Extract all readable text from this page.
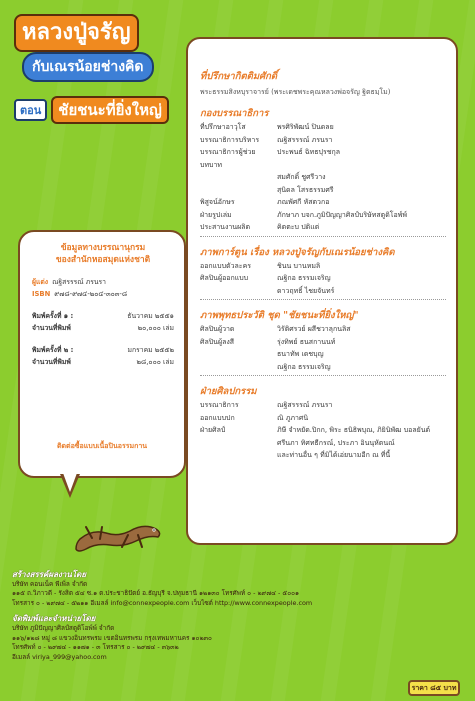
หลวงปู่จรัญ
กับเณรน้อยช่างคิด
ตอน	ชัยชนะที่ยิ่งใหญ่
ที่ปรึกษากิตติมศักดิ์
พระธรรมสิงหบุราจารย์ (พระเดชพระคุณหลวงพ่อจรัญ ฐิตธมฺโม)
กองบรรณาธิการ
ที่ปรึกษาอาวุโส	พรศิริพัฒน์ ปินดลย
บรรณาธิการบริหาร	ณฐิสรรรณ์ ภรนรา
บรรณาธิการผู้ช่วยบทบาท
ประพนธ์ ฉิทธปุรชกุล
สมศักดิ์ ชูศรีวาง
สุนิดล โสรธรรมศรี
พิสูจน์อักษร	ภณพัศกี หัสตวกอ
ฝ่ายรูปเล่ม	ภักษาภ บจก.ภูมิปัญญาศิลป์บริษัทสตูดิโอพ์พ์
ประสานงานผลิต	คิตตะบ ปติแต่
ภาพการ์ตูน เรื่อง หลวงปู่จรัญกับเณรน้อยช่างคิด
ออกแบบตัวละคร	ชินน บานหมลิ
ศิลปินผู้ออกแบบ	ณฐิกอ ธรรมเจริญ
ดาวฤทธิ์ ไชยจันทร์
ภาพพุทธประวัติ ชุด "ชัยชนะที่ยิ่งใหญ่"
ศิลปินผู้วาด	วิรัติศรวย์ ผสีชวาลุกนลิส
ศิลปินผู้ลงสี	รุ่งทิพย์ ธนสกานนท์
ธนาทัพ เดชบุญ
ณฐิกอ ธรรมเจริญ
ฝ่ายศิลปกรรม
บรรณาธิการ	ณฐิสรรรณ์ ภรนรา
ออกแบบปก	ณิ ภูภาศนิ
ฝ่ายศิลป์	ภิษี จำหยัด.ปิกก, พิระ ธนิธิพบุณ, ภิยินิพัฒ บอลยันต์
ศรีนภา ทิศทธีกรณ์, ประภา อินนุหัตนณ์
และท่านอื่น ๆ ที่มิได้เอ่ยนามอีก ณ ที่นี้
ข้อมูลทางบรรณานุกรม
ของสำนักหอสมุดแห่งชาติ
ผู้แต่ง ณฐิสรรรณ์ ภรนรา
ISBN ๙๗๘-๙๗๔-๒๐๔-๓๐๓-๘
พิมพ์ครั้งที่ ๑ :	ธันวาคม ๒๕๕๑
จำนวนที่พิมพ์	๒๐,๐๐๐ เล่ม
พิมพ์ครั้งที่ ๒ :	มกราคม ๒๕๕๒
จำนวนที่พิมพ์	๒๘,๐๐๐ เล่ม
ติดต่อซื้อแบบเนื้อปินอรรมกาน
สร้างสรรค์ผลงานโดย
บริษัท คอนเน็ค พีเพิ่ล จำกัด
๑๑๕ ถ.วิภาวดี - รังสิต ๕๔ ซ.๑ ต.ประชาธิปัตย์ อ.ธัญบุรี จ.ปทุมธานี ๑๒๑๓๐ โทรศัพท์ ๐ - ๒๙๗๔ - ๕๐๐๑
โทรสาร ๐ - ๒๙๗๔ - ๕๒๑๑ อีเมลล์ info@connexpeople.com เว็บไซต์ http://www.connexpeople.com
จัดพิมพ์และจำหน่ายโดย
บริษัท ภูมิปัญญาศิลป์สตูดิโอพ์พ์ จำกัด
๑๑๖/๑๒๘ หมู่ ๘ แขวงอินทรพรม เขตอินทรพรม กรุงเทพมหานคร ๑๐๒๓๐
โทรศัพท์ ๐ - ๒๙๗๔ - ๑๑๗๑ - ๓ โทรสาร ๐ - ๒๙๗๔ - ๓๖๓๒
อีเมลล์ viriya_999@yahoo.com
ราคา ๘๕ บาท
